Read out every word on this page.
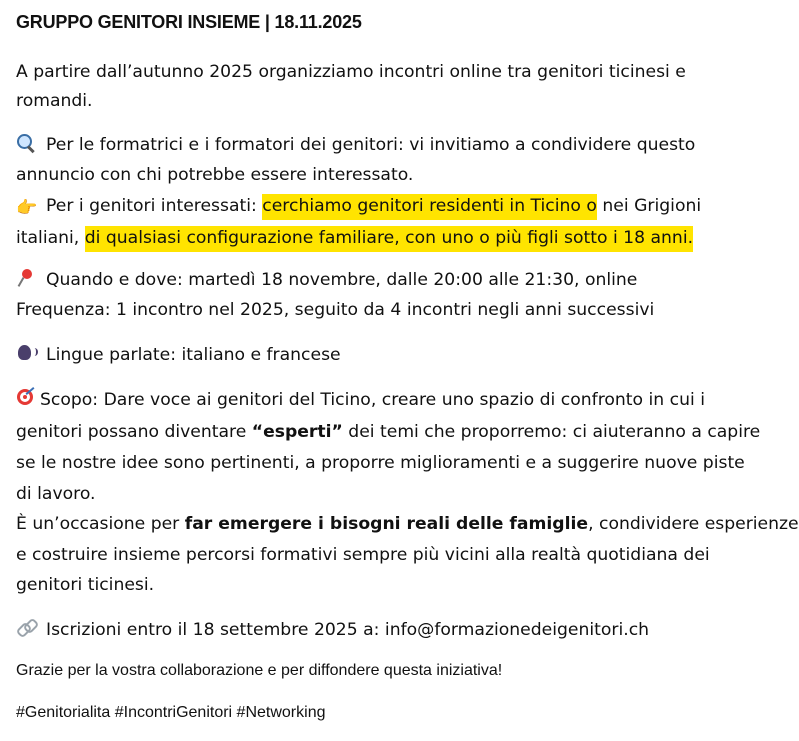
GRUPPO GENITORI INSIEME | 18.11.2025
A partire dall’autunno 2025 organizziamo incontri online tra genitori ticinesi e
romandi.
Per le formatrici e i formatori dei genitori: vi invitiamo a condividere questo
annuncio con chi potrebbe essere interessato.
👉 Per i genitori interessati: cerchiamo genitori residenti in Ticino o nei Grigioni
italiani, di qualsiasi configurazione familiare, con uno o più figli sotto i 18 anni.
Quando e dove: martedì 18 novembre, dalle 20:00 alle 21:30, online
Frequenza: 1 incontro nel 2025, seguito da 4 incontri negli anni successivi
Lingue parlate: italiano e francese
Scopo: Dare voce ai genitori del Ticino, creare uno spazio di confronto in cui i
genitori possano diventare “esperti” dei temi che proporremo: ci aiuteranno a capire
se le nostre idee sono pertinenti, a proporre miglioramenti e a suggerire nuove piste
di lavoro.
È un’occasione per far emergere i bisogni reali delle famiglie, condividere esperienze
e costruire insieme percorsi formativi sempre più vicini alla realtà quotidiana dei
genitori ticinesi.
Iscrizioni entro il 18 settembre 2025 a: info@formazionedeigenitori.ch
Grazie per la vostra collaborazione e per diffondere questa iniziativa!
#Genitorialita #IncontriGenitori #Networking
